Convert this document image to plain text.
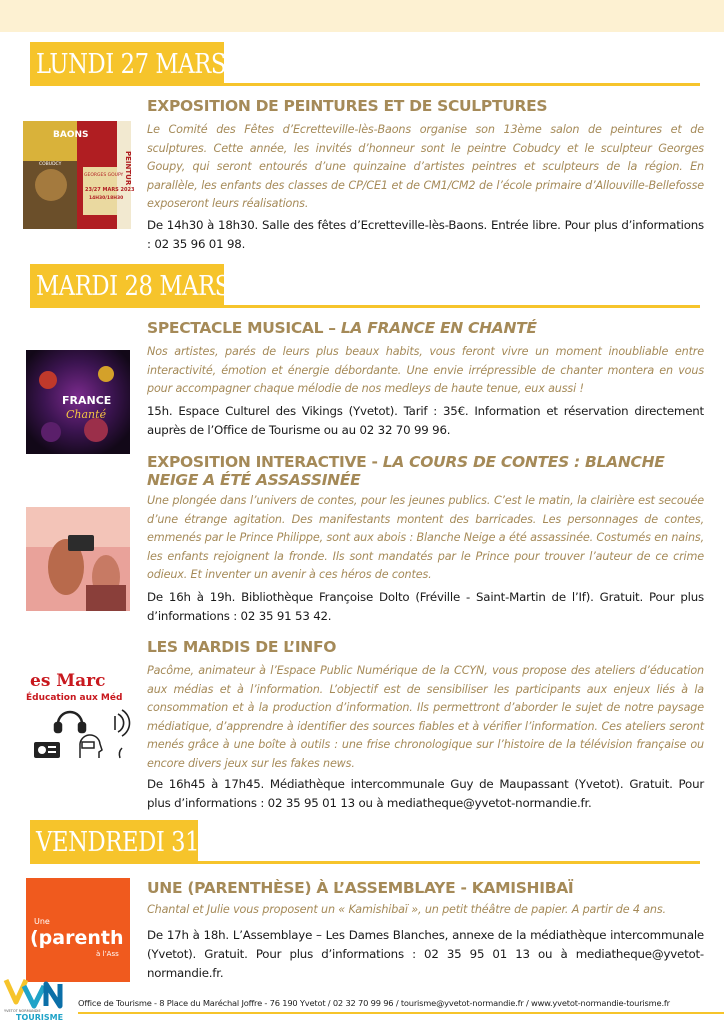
LUNDI 27 MARS
BAONS
COBUDCY
GEORGES GOUPY
23/27 MARS 2023
14H30/18H30
PEINTUR
EXPOSITION DE PEINTURES ET DE SCULPTURES
Le Comité des Fêtes d’Ecretteville-lès-Baons organise son 13ème salon de peintures et de sculptures. Cette année, les invités d’honneur sont le peintre Cobudcy et le sculpteur Georges Goupy, qui seront entourés d’une quinzaine d’artistes peintres et sculpteurs de la région. En parallèle, les enfants des classes de CP/CE1 et de CM1/CM2 de l’école primaire d’Allouville-Bellefosse exposeront leurs réalisations.
De 14h30 à 18h30. Salle des fêtes d’Ecretteville-lès-Baons. Entrée libre. Pour plus d’informations : 02 35 96 01 98.
MARDI 28 MARS
FRANCE
Chanté
SPECTACLE MUSICAL – LA FRANCE EN CHANTÉ
Nos artistes, parés de leurs plus beaux habits, vous feront vivre un moment inoubliable entre interactivité, émotion et énergie débordante. Une envie irrépressible de chanter montera en vous pour accompagner chaque mélodie de nos medleys de haute tenue, eux aussi !
15h. Espace Culturel des Vikings (Yvetot). Tarif : 35€. Information et réservation directement auprès de l’Office de Tourisme ou au 02 32 70 99 96.
EXPOSITION INTERACTIVE - LA COURS DE CONTES : BLANCHE NEIGE A ÉTÉ ASSASSINÉE
Une plongée dans l’univers de contes, pour les jeunes publics. C’est le matin, la clairière est secouée d’une étrange agitation. Des manifestants montent des barricades. Les personnages de contes, emmenés par le Prince Philippe, sont aux abois : Blanche Neige a été assassinée. Costumés en nains, les enfants rejoignent la fronde. Ils sont mandatés par le Prince pour trouver l’auteur de ce crime odieux. Et inventer un avenir à ces héros de contes.
De 16h à 19h. Bibliothèque Françoise Dolto (Fréville - Saint-Martin de l’If). Gratuit. Pour plus d’informations : 02 35 91 53 42.
es Marc
Éducation aux Méd
LES MARDIS DE L’INFO
Pacôme, animateur à l’Espace Public Numérique de la CCYN, vous propose des ateliers d’éducation aux médias et à l’information. L’objectif est de sensibiliser les participants aux enjeux liés à la consommation et à la production d’information. Ils permettront d’aborder le sujet de notre paysage médiatique, d’apprendre à identifier des sources fiables et à vérifier l’information. Ces ateliers seront menés grâce à une boîte à outils : une frise chronologique sur l’histoire de la télévision française ou encore divers jeux sur les fakes news.
De 16h45 à 17h45. Médiathèque intercommunale Guy de Maupassant (Yvetot). Gratuit. Pour plus d’informations : 02 35 95 01 13 ou à mediatheque@yvetot-normandie.fr.
VENDREDI 31 MARS
Une
(parenth
à l’Ass
UNE (PARENTHÈSE) À L’ASSEMBLAYE - KAMISHIBAÏ
Chantal et Julie vous proposent un « Kamishibaï », un petit théâtre de papier. A partir de 4 ans.
De 17h à 18h. L’Assemblaye – Les Dames Blanches, annexe de la médiathèque intercommunale (Yvetot). Gratuit. Pour plus d’informations : 02 35 95 01 13 ou à mediatheque@yvetot-normandie.fr.
YVETOT NORMANDIE
TOURISME
Office de Tourisme - 8 Place du Maréchal Joffre - 76 190 Yvetot / 02 32 70 99 96 / tourisme@yvetot-normandie.fr / www.yvetot-normandie-tourisme.fr
